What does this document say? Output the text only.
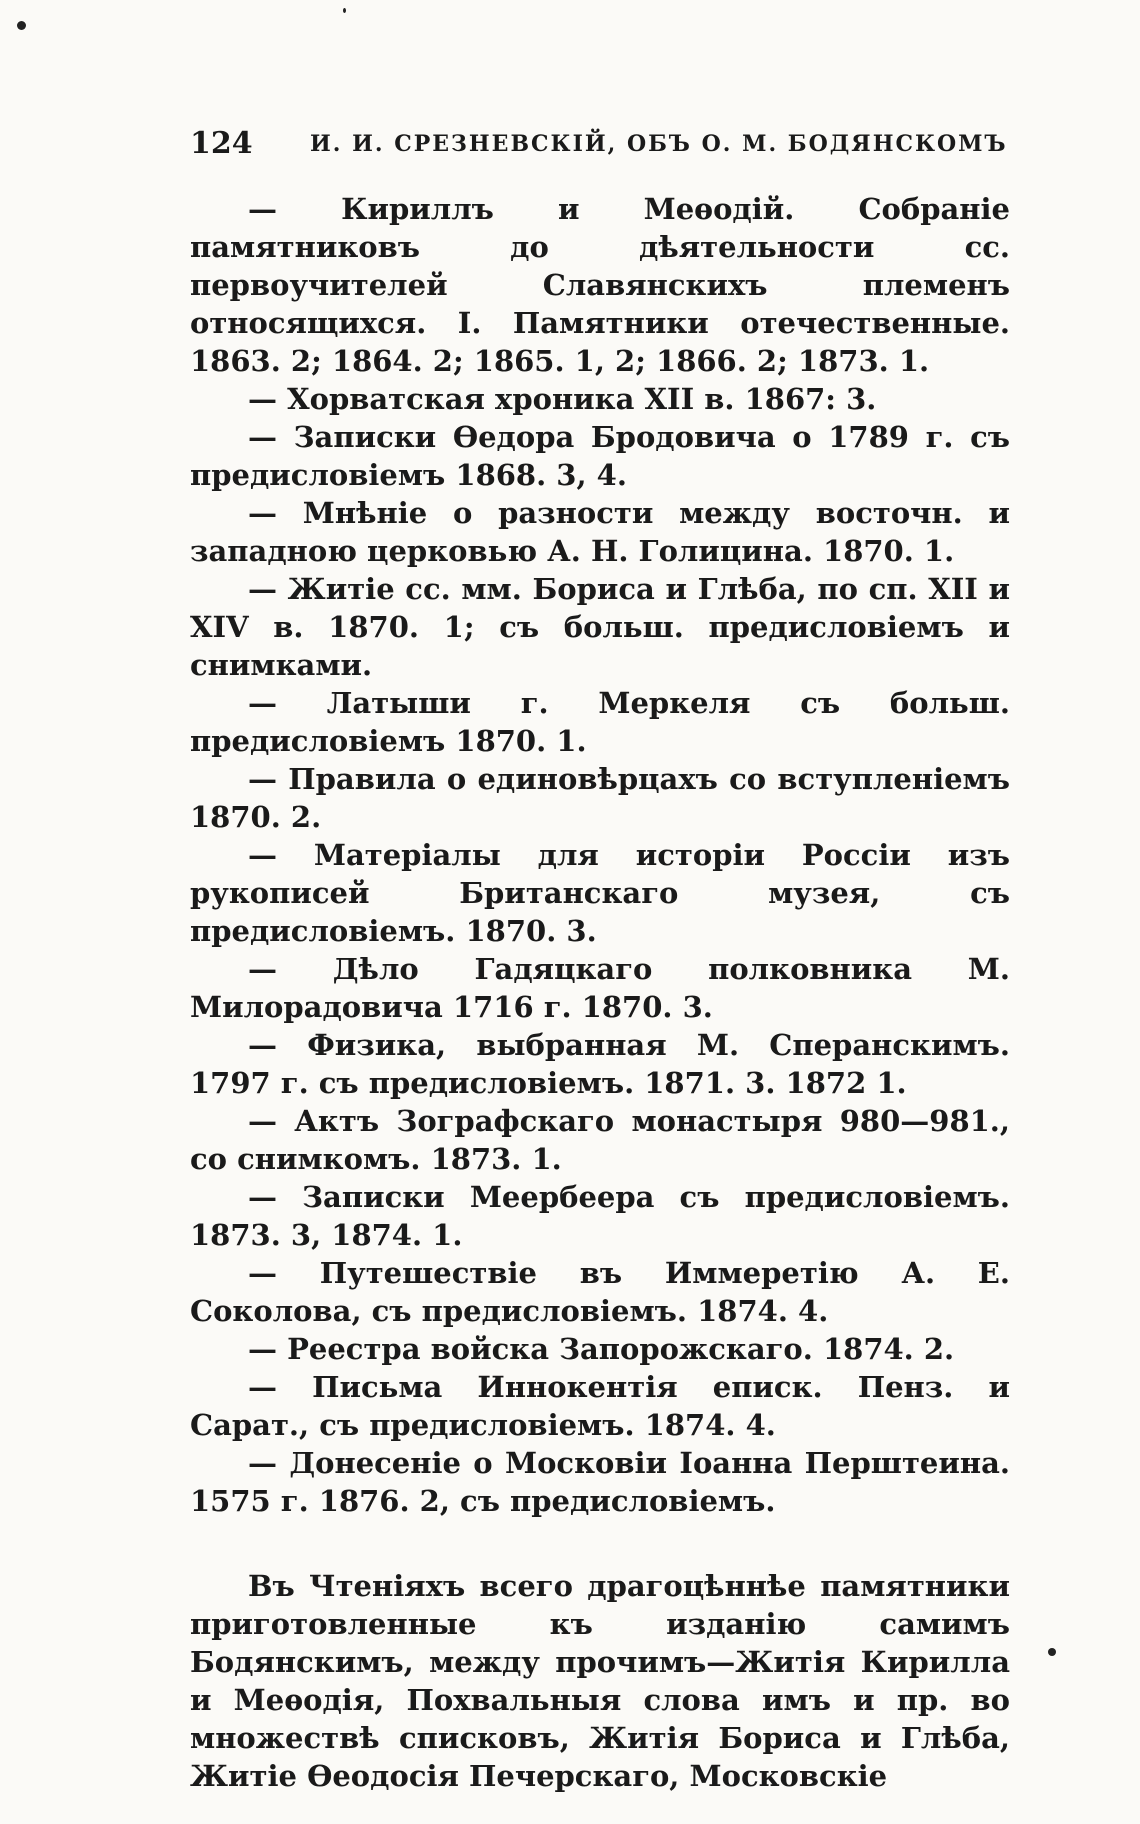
124	И. И. СРЕЗНЕВСКІЙ, ОБЪ О. М. БОДЯНСКОМЪ

— Кириллъ и Меѳодій. Собраніе памятниковъ до дѣятельности сс. первоучителей Славянскихъ племенъ относящихся. I. Памятники отечественные. 1863. 2; 1864. 2; 1865. 1, 2; 1866. 2; 1873. 1.

— Хорватская хроника XII в. 1867: 3.

— Записки Ѳедора Бродовича о 1789 г. съ предисловіемъ 1868. 3, 4.

— Мнѣніе о разности между восточн. и западною церковью А. Н. Голицина. 1870. 1.

— Житіе сс. мм. Бориса и Глѣба, по сп. XII и XIV в. 1870. 1; съ больш. предисловіемъ и снимками.

— Латыши г. Меркеля съ больш. предисловіемъ 1870. 1.

— Правила о единовѣрцахъ со вступленіемъ 1870. 2.

— Матеріалы для исторіи Россіи изъ рукописей Британскаго музея, съ предисловіемъ. 1870. 3.

— Дѣло Гадяцкаго полковника М. Милорадовича 1716 г. 1870. 3.

— Физика, выбранная М. Сперанскимъ. 1797 г. съ предисловіемъ. 1871. 3. 1872 1.

— Актъ Зографскаго монастыря 980—981., со снимкомъ. 1873. 1.

— Записки Меербеера съ предисловіемъ. 1873. 3, 1874. 1.

— Путешествіе въ Иммеретію А. Е. Соколова, съ предисловіемъ. 1874. 4.

— Реестра войска Запорожскаго. 1874. 2.

— Письма Иннокентія еписк. Пенз. и Сарат., съ предисловіемъ. 1874. 4.

— Донесеніе о Московіи Іоанна Перштеина. 1575 г. 1876. 2, съ предисловіемъ.

Въ Чтеніяхъ всего драгоцѣннѣе памятники приготовленные къ изданію самимъ Бодянскимъ, между прочимъ—Житія Кирилла и Меѳодія, Похвальныя слова имъ и пр. во множествѣ списковъ, Житія Бориса и Глѣба, Житіе Ѳеодосія Печерскаго, Московскіе
